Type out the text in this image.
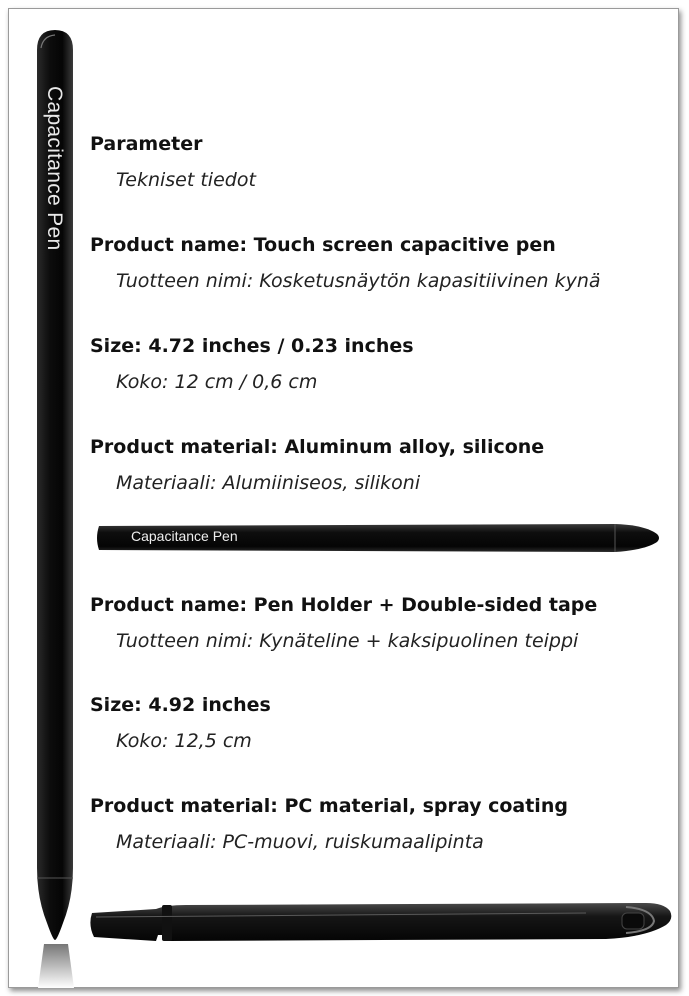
Capacitance Pen Parameter
Tekniset tiedot
Product name: Touch screen capacitive pen
Tuotteen nimi: Kosketusnäytön kapasitiivinen kynä
Size: 4.72 inches / 0.23 inches
Koko: 12 cm / 0,6 cm
Product material: Aluminum alloy, silicone
Materiaali: Alumiiniseos, silikoni
Capacitance Pen
Product name: Pen Holder + Double-sided tape
Tuotteen nimi: Kynäteline + kaksipuolinen teippi
Size: 4.92 inches
Koko: 12,5 cm
Product material: PC material, spray coating
Materiaali: PC-muovi, ruiskumaalipinta
